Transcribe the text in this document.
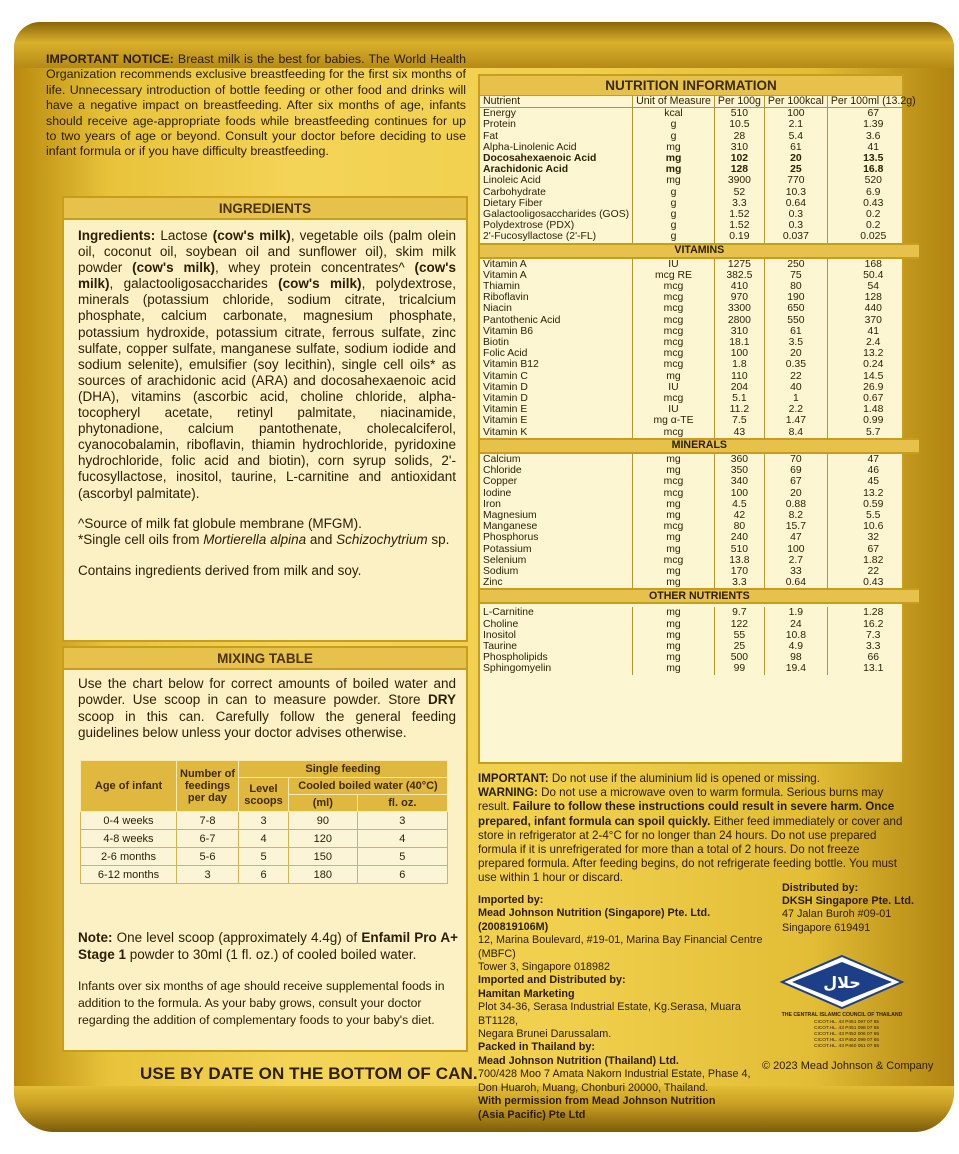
IMPORTANT NOTICE: Breast milk is the best for babies. The World Health Organization recommends exclusive breastfeeding for the first six months of life. Unnecessary introduction of bottle feeding or other food and drinks will have a negative impact on breastfeeding. After six months of age, infants should receive age-appropriate foods while breastfeeding continues for up to two years of age or beyond. Consult your doctor before deciding to use infant formula or if you have difficulty breastfeeding.
INGREDIENTS
Ingredients: Lactose (cow's milk), vegetable oils (palm olein oil, coconut oil, soybean oil and sunflower oil), skim milk powder (cow's milk), whey protein concentrates^ (cow's milk), galactooligosaccharides (cow's milk), polydextrose, minerals (potassium chloride, sodium citrate, tricalcium phosphate, calcium carbonate, magnesium phosphate, potassium hydroxide, potassium citrate, ferrous sulfate, zinc sulfate, copper sulfate, manganese sulfate, sodium iodide and sodium selenite), emulsifier (soy lecithin), single cell oils* as sources of arachidonic acid (ARA) and docosahexaenoic acid (DHA), vitamins (ascorbic acid, choline chloride, alpha-tocopheryl acetate, retinyl palmitate, niacinamide, phytonadione, calcium pantothenate, cholecalciferol, cyanocobalamin, riboflavin, thiamin hydrochloride, pyridoxine hydrochloride, folic acid and biotin), corn syrup solids, 2'-fucosyllactose, inositol, taurine, L-carnitine and antioxidant (ascorbyl palmitate).
^Source of milk fat globule membrane (MFGM).
*Single cell oils from Mortierella alpina and Schizochytrium sp.
Contains ingredients derived from milk and soy.
MIXING TABLE
Use the chart below for correct amounts of boiled water and powder. Use scoop in can to measure powder. Store DRY scoop in this can. Carefully follow the general feeding guidelines below unless your doctor advises otherwise.
Age of infant	Number of feedings per day	Single feeding		
		Level scoops	Cooled boiled water (40°C)	
			(ml)	fl. oz.
0-4 weeks	7-8	3	90	3
4-8 weeks	6-7	4	120	4
2-6 months	5-6	5	150	5
6-12 months	3	6	180	6
Note: One level scoop (approximately 4.4g) of Enfamil Pro A+ Stage 1 powder to 30ml (1 fl. oz.) of cooled boiled water.
Infants over six months of age should receive supplemental foods in addition to the formula. As your baby grows, consult your doctor regarding the addition of complementary foods to your baby's diet.
USE BY DATE ON THE BOTTOM OF CAN.
NUTRITION INFORMATION
Nutrient	Unit of Measure	Per 100g	Per 100kcal	Per 100ml (13.2g)
Energy	kcal	510	100	67
Protein	g	10.5	2.1	1.39
Fat	g	28	5.4	3.6
Alpha-Linolenic Acid	mg	310	61	41
Docosahexaenoic Acid	mg	102	20	13.5
Arachidonic Acid	mg	128	25	16.8
Linoleic Acid	mg	3900	770	520
Carbohydrate	g	52	10.3	6.9
Dietary Fiber	g	3.3	0.64	0.43
Galactooligosaccharides (GOS)	g	1.52	0.3	0.2
Polydextrose (PDX)	g	1.52	0.3	0.2
2'-Fucosyllactose (2'-FL)	g	0.19	0.037	0.025
VITAMINS				
Vitamin A	IU	1275	250	168
Vitamin A	mcg RE	382.5	75	50.4
Thiamin	mcg	410	80	54
Riboflavin	mcg	970	190	128
Niacin	mcg	3300	650	440
Pantothenic Acid	mcg	2800	550	370
Vitamin B6	mcg	310	61	41
Biotin	mcg	18.1	3.5	2.4
Folic Acid	mcg	100	20	13.2
Vitamin B12	mcg	1.8	0.35	0.24
Vitamin C	mg	110	22	14.5
Vitamin D	IU	204	40	26.9
Vitamin D	mcg	5.1	1	0.67
Vitamin E	IU	11.2	2.2	1.48
Vitamin E	mg α-TE	7.5	1.47	0.99
Vitamin K	mcg	43	8.4	5.7
MINERALS				
Calcium	mg	360	70	47
Chloride	mg	350	69	46
Copper	mcg	340	67	45
Iodine	mcg	100	20	13.2
Iron	mg	4.5	0.88	0.59
Magnesium	mg	42	8.2	5.5
Manganese	mcg	80	15.7	10.6
Phosphorus	mg	240	47	32
Potassium	mg	510	100	67
Selenium	mcg	13.8	2.7	1.82
Sodium	mg	170	33	22
Zinc	mg	3.3	0.64	0.43
OTHER NUTRIENTS				

L-Carnitine	mg	9.7	1.9	1.28
Choline	mg	122	24	16.2
Inositol	mg	55	10.8	7.3
Taurine	mg	25	4.9	3.3
Phospholipids	mg	500	98	66
Sphingomyelin	mg	99	19.4	13.1
IMPORTANT: Do not use if the aluminium lid is opened or missing.
WARNING: Do not use a microwave oven to warm formula. Serious burns may result. Failure to follow these instructions could result in severe harm. Once prepared, infant formula can spoil quickly. Either feed immediately or cover and store in refrigerator at 2-4°C for no longer than 24 hours. Do not use prepared formula if it is unrefrigerated for more than a total of 2 hours. Do not freeze prepared formula. After feeding begins, do not refrigerate feeding bottle. You must use within 1 hour or discard.
Imported by:
Mead Johnson Nutrition (Singapore) Pte. Ltd.(200819106M)
12, Marina Boulevard, #19-01, Marina Bay Financial Centre (MBFC)
Tower 3, Singapore 018982
Imported and Distributed by:
Hamitan Marketing
Plot 34-36, Serasa Industrial Estate, Kg.Serasa, Muara BT1128,
Negara Brunei Darussalam.
Packed in Thailand by:
Mead Johnson Nutrition (Thailand) Ltd.
700/428 Moo 7 Amata Nakorn Industrial Estate, Phase 4,
Don Huaroh, Muang, Chonburi 20000, Thailand.
With permission from Mead Johnson Nutrition
(Asia Pacific) Pte Ltd
Distributed by:
DKSH Singapore Pte. Ltd.
47 Jalan Buroh #09-01
Singapore 619491
حلال
THE CENTRAL ISLAMIC COUNCIL OF THAILAND
CICOT.HL. 43 P451 097 07 65
CICOT.HL. 43 P451 098 07 65
CICOT.HL. 43 P452 006 07 65
CICOT.HL. 43 P452 099 07 65
CICOT.HL. 43 P460 051 07 65
© 2023 Mead Johnson & Company
